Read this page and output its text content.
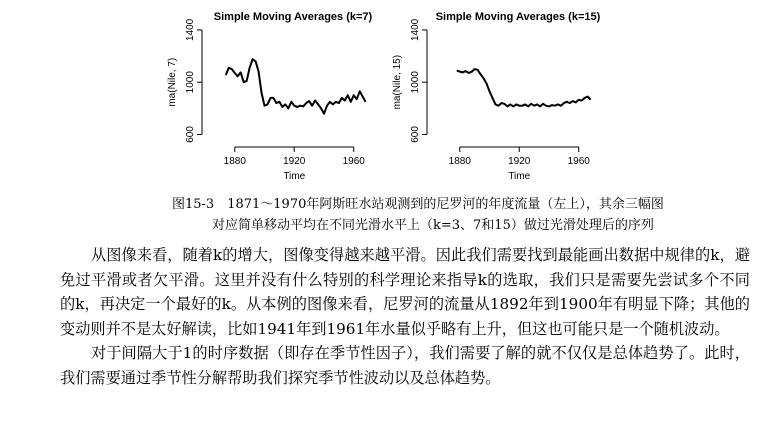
Simple Moving Averages (k=7)
1880	1920	1960
Time
600
1000
1400
ma(Nile, 7)
Simple Moving Averages (k=15)
1880	1920	1960
Time
600
1000
1400
ma(Nile, 15)
图15-3　1871～1970年阿斯旺水站观测到的尼罗河的年度流量（左上），其余三幅图
对应简单移动平均在不同光滑水平上（k=3、7和15）做过光滑处理后的序列

从图像来看，随着k的增大，图像变得越来越平滑。因此我们需要找到最能画出数据中规律的k，避免过平滑或者欠平滑。这里并没有什么特别的科学理论来指导k的选取，我们只是需要先尝试多个不同的k，再决定一个最好的k。从本例的图像来看，尼罗河的流量从1892年到1900年有明显下降；其他的变动则并不是太好解读，比如1941年到1961年水量似乎略有上升，但这也可能只是一个随机波动。

对于间隔大于1的时序数据（即存在季节性因子），我们需要了解的就不仅仅是总体趋势了。此时，我们需要通过季节性分解帮助我们探究季节性波动以及总体趋势。
